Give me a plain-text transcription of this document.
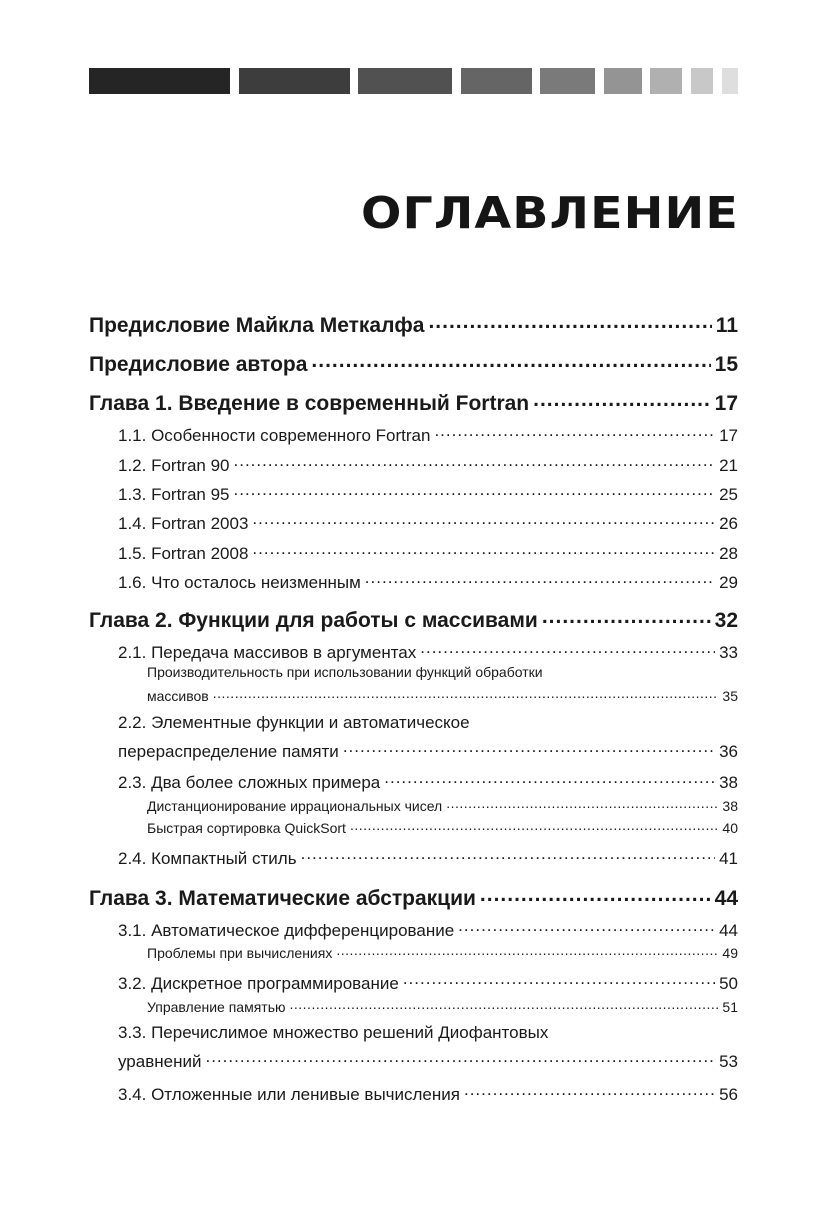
ОГЛАВЛЕНИЕ
Предисловие Майкла Меткалфа .....	11
Предисловие автора .....	15
Глава 1. Введение в современный Fortran .....	17
1.1. Особенности современного Fortran .....	17
1.2. Fortran 90 .....	21
1.3. Fortran 95 .....	25
1.4. Fortran 2003 .....	26
1.5. Fortran 2008 .....	28
1.6. Что осталось неизменным .....	29
Глава 2. Функции для работы с массивами .....	32
2.1. Передача массивов в аргументах .....	33
Производительность при использовании функций обработки
массивов .....	35
2.2. Элементные функции и автоматическое
перераспределение памяти .....	36
2.3. Два более сложных примера .....	38
Дистанционирование иррациональных чисел .....	38
Быстрая сортировка QuickSort .....	40
2.4. Компактный стиль .....	41
Глава 3. Математические абстракции .....	44
3.1. Автоматическое дифференцирование .....	44
Проблемы при вычислениях .....	49
3.2. Дискретное программирование .....	50
Управление памятью .....	51
3.3. Перечислимое множество решений Диофантовых
уравнений .....	53
3.4. Отложенные или ленивые вычисления .....	56
